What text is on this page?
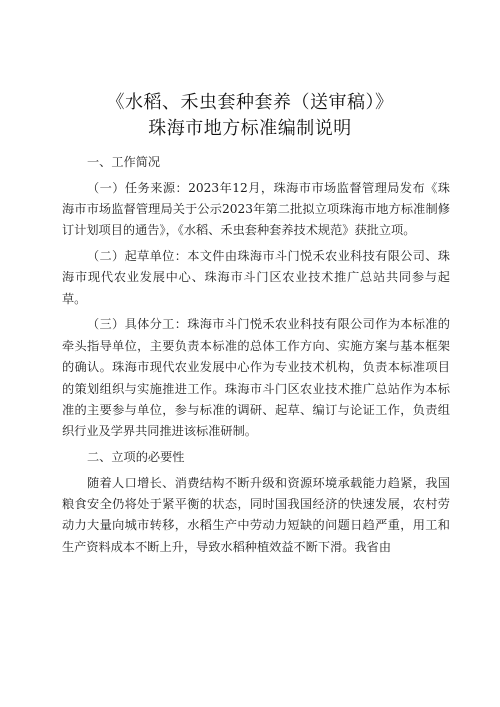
《水稻、禾虫套种套养（送审稿）》
珠海市地方标准编制说明

一、工作简况

（一）任务来源：2023年12月，珠海市市场监督管理局发布《珠海市市场监督管理局关于公示2023年第二批拟立项珠海市地方标准制修订计划项目的通告》，《水稻、禾虫套种套养技术规范》获批立项。

（二）起草单位：本文件由珠海市斗门悦禾农业科技有限公司、珠海市现代农业发展中心、珠海市斗门区农业技术推广总站共同参与起草。

（三）具体分工：珠海市斗门悦禾农业科技有限公司作为本标准的牵头指导单位，主要负责本标准的总体工作方向、实施方案与基本框架的确认。珠海市现代农业发展中心作为专业技术机构，负责本标准项目的策划组织与实施推进工作。珠海市斗门区农业技术推广总站作为本标准的主要参与单位，参与标准的调研、起草、编订与论证工作，负责组织行业及学界共同推进该标准研制。

二、立项的必要性

随着人口增长、消费结构不断升级和资源环境承载能力趋紧，我国粮食安全仍将处于紧平衡的状态，同时国我国经济的快速发展，农村劳动力大量向城市转移，水稻生产中劳动力短缺的问题日趋严重，用工和生产资料成本不断上升，导致水稻种植效益不断下滑。我省由
